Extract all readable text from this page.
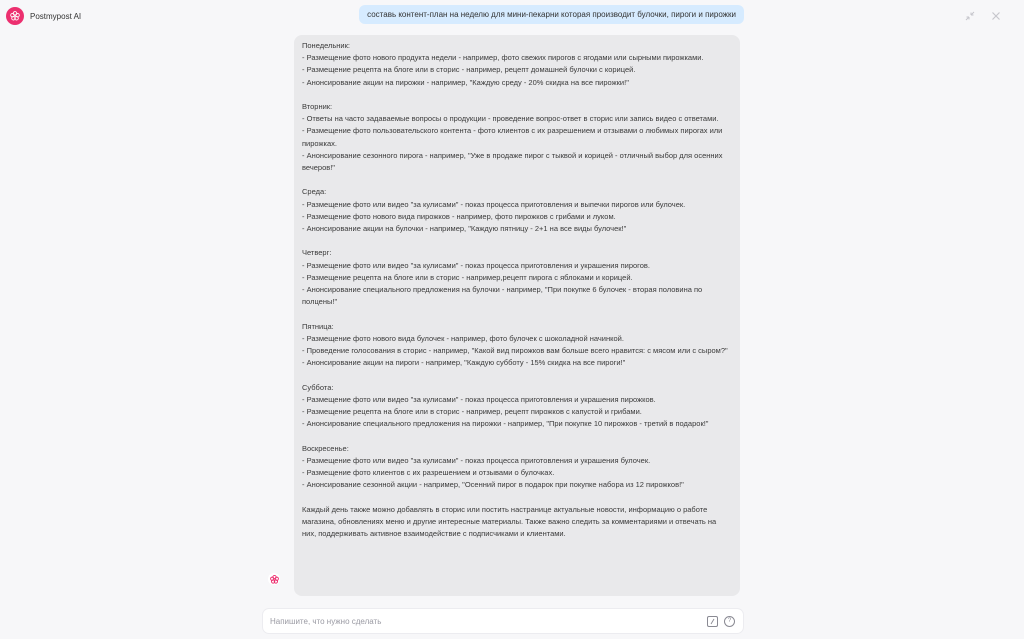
Postmypost AI	составь контент-план на неделю для мини-пекарни которая производит булочки, пироги и пирожки
Понедельник:
- Размещение фото нового продукта недели - например, фото свежих пирогов с ягодами или сырными пирожками.
- Размещение рецепта на блоге или в сторис - например, рецепт домашней булочки с корицей.
- Анонсирование акции на пирожки - например, "Каждую среду - 20% скидка на все пирожки!"
Вторник:
- Ответы на часто задаваемые вопросы о продукции - проведение вопрос-ответ в сторис или запись видео с ответами.
- Размещение фото пользовательского контента - фото клиентов с их разрешением и отзывами о любимых пирогах или пирожках.
- Анонсирование сезонного пирога - например, "Уже в продаже пирог с тыквой и корицей - отличный выбор для осенних вечеров!"
Среда:
- Размещение фото или видео "за кулисами" - показ процесса приготовления и выпечки пирогов или булочек.
- Размещение фото нового вида пирожков - например, фото пирожков с грибами и луком.
- Анонсирование акции на булочки - например, "Каждую пятницу - 2+1 на все виды булочек!"
Четверг:
- Размещение фото или видео "за кулисами" - показ процесса приготовления и украшения пирогов.
- Размещение рецепта на блоге или в сторис - например,рецепт пирога с яблоками и корицей.
- Анонсирование специального предложения на булочки - например, "При покупке 6 булочек - вторая половина по полцены!"
Пятница:
- Размещение фото нового вида булочек - например, фото булочек с шоколадной начинкой.
- Проведение голосования в сторис - например, "Какой вид пирожков вам больше всего нравится: с мясом или с сыром?"
- Анонсирование акции на пироги - например, "Каждую субботу - 15% скидка на все пироги!"
Суббота:
- Размещение фото или видео "за кулисами" - показ процесса приготовления и украшения пирожков.
- Размещение рецепта на блоге или в сторис - например, рецепт пирожков с капустой и грибами.
- Анонсирование специального предложения на пирожки - например, "При покупке 10 пирожков - третий в подарок!"
Воскресенье:
- Размещение фото или видео "за кулисами" - показ процесса приготовления и украшения булочек.
- Размещение фото клиентов с их разрешением и отзывами о булочках.
- Анонсирование сезонной акции - например, "Осенний пирог в подарок при покупке набора из 12 пирожков!"
Каждый день также можно добавлять в сторис или постить настранице актуальные новости, информацию о работе магазина, обновлениях меню и другие интересные материалы. Также важно следить за комментариями и отвечать на них, поддерживать активное взаимодействие с подписчиками и клиентами.
Напишите, что нужно сделать
?
